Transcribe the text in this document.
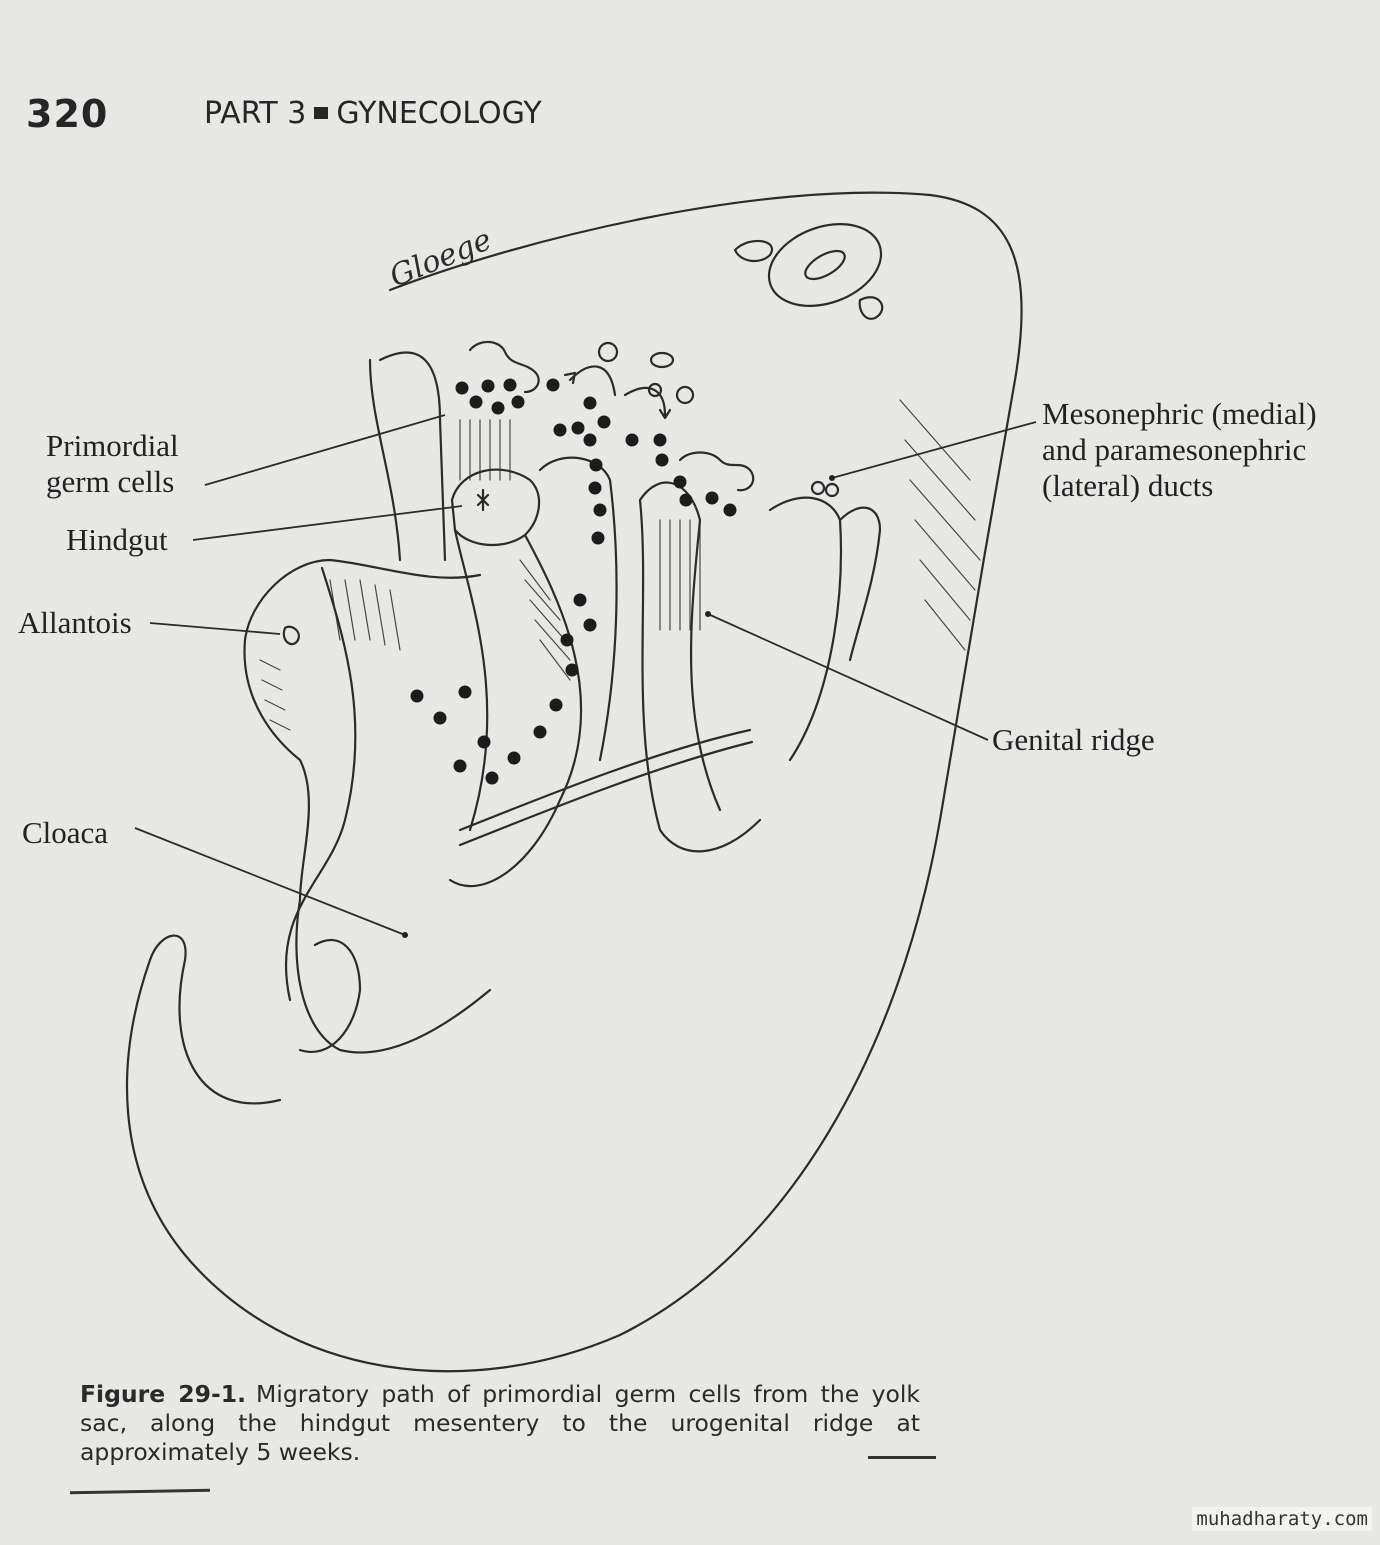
320	PART 3 GYNECOLOGY
Gloege
Primordial
germ cells
Hindgut
Allantois
Cloaca
Mesonephric (medial)
and paramesonephric
(lateral) ducts
Genital ridge
Figure 29-1. Migratory path of primordial germ cells from the yolk sac, along the hindgut mesentery to the urogenital ridge at approximately 5 weeks.
muhadharaty.com
